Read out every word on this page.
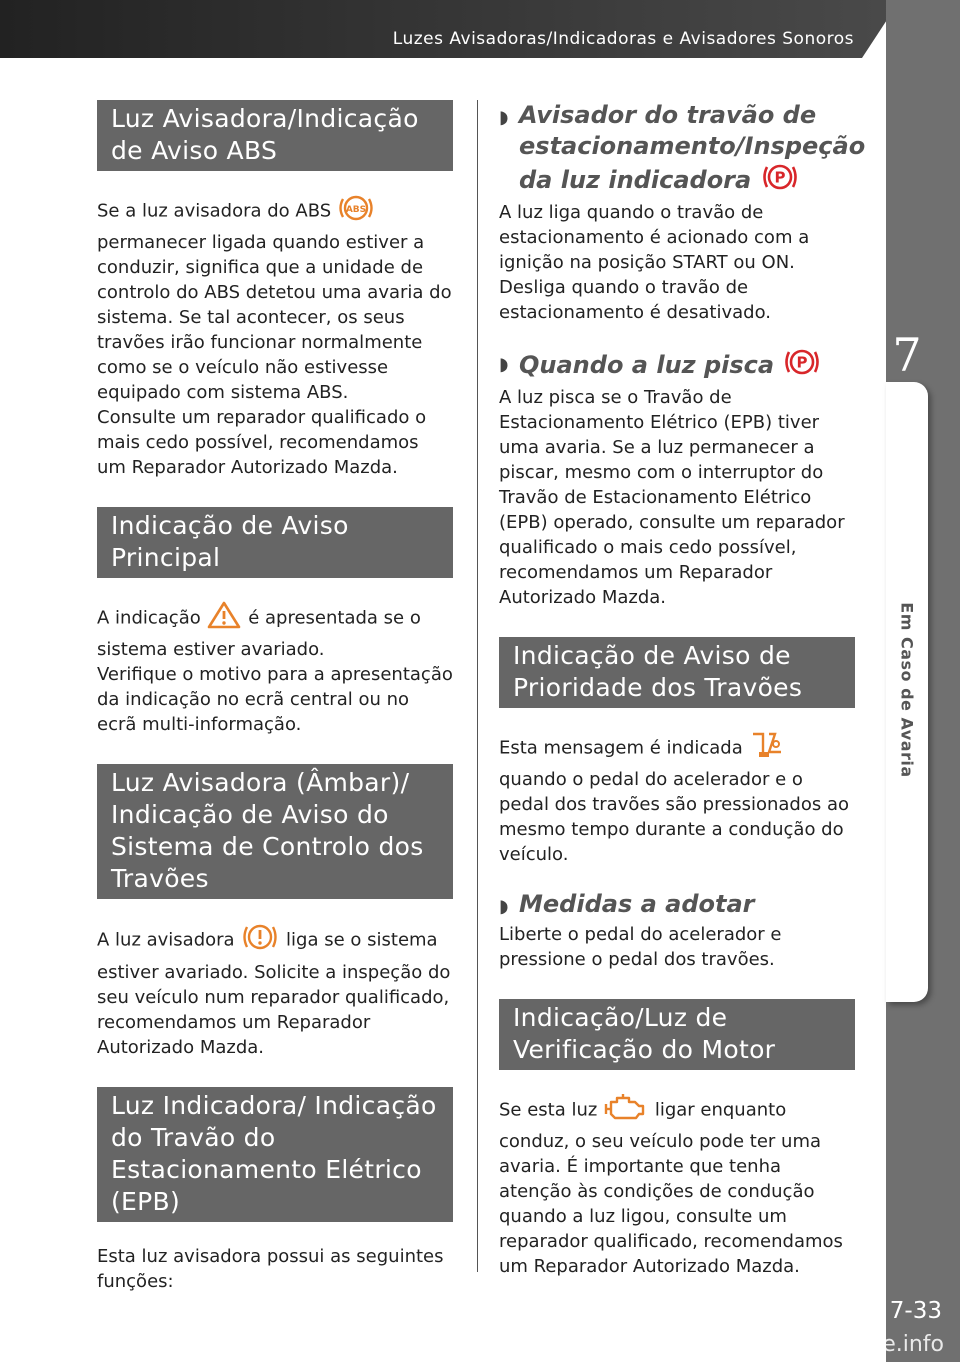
Luzes Avisadoras/Indicadoras e Avisadores Sonoros
7
Em Caso de Avaria
7-33
carmanualsonline.info
Luz Avisadora/Indicação de Aviso ABS

Se a luz avisadora do ABS ABS
permanecer ligada quando estiver a conduzir, significa que a unidade de controlo do ABS detetou uma avaria do sistema. Se tal acontecer, os seus travões irão funcionar normalmente como se o veículo não estivesse equipado com sistema ABS.
Consulte um reparador qualificado o mais cedo possível, recomendamos um Reparador Autorizado Mazda.

Indicação de Aviso Principal

A indicação	é apresentada se o sistema estiver avariado.
Verifique o motivo para a apresentação da indicação no ecrã central ou no ecrã multi-informação.

Luz Avisadora (Âmbar)/ Indicação de Aviso do Sistema de Controlo dos Travões

A luz avisadora	liga se o sistema estiver avariado. Solicite a inspeção do seu veículo num reparador qualificado, recomendamos um Reparador Autorizado Mazda.

Luz Indicadora/ Indicação do Travão do Estacionamento Elétrico (EPB)

Esta luz avisadora possui as seguintes funções:

◗ Avisador do travão de estacionamento/Inspeção da luz indicadora P

A luz liga quando o travão de estacionamento é acionado com a ignição na posição START ou ON. Desliga quando o travão de estacionamento é desativado.

◗ Quando a luz pisca P

A luz pisca se o Travão de Estacionamento Elétrico (EPB) tiver uma avaria. Se a luz permanecer a piscar, mesmo com o interruptor do Travão de Estacionamento Elétrico (EPB) operado, consulte um reparador qualificado o mais cedo possível, recomendamos um Reparador Autorizado Mazda.

Indicação de Aviso de Prioridade dos Travões

Esta mensagem é indicada  quando o pedal do acelerador e o pedal dos travões são pressionados ao mesmo tempo durante a condução do veículo.

◗ Medidas a adotar

Liberte o pedal do acelerador e pressione o pedal dos travões.

Indicação/Luz de Verificação do Motor

Se esta luz	ligar enquanto conduz, o seu veículo pode ter uma avaria. É importante que tenha atenção às condições de condução quando a luz ligou, consulte um reparador qualificado, recomendamos um Reparador Autorizado Mazda.
